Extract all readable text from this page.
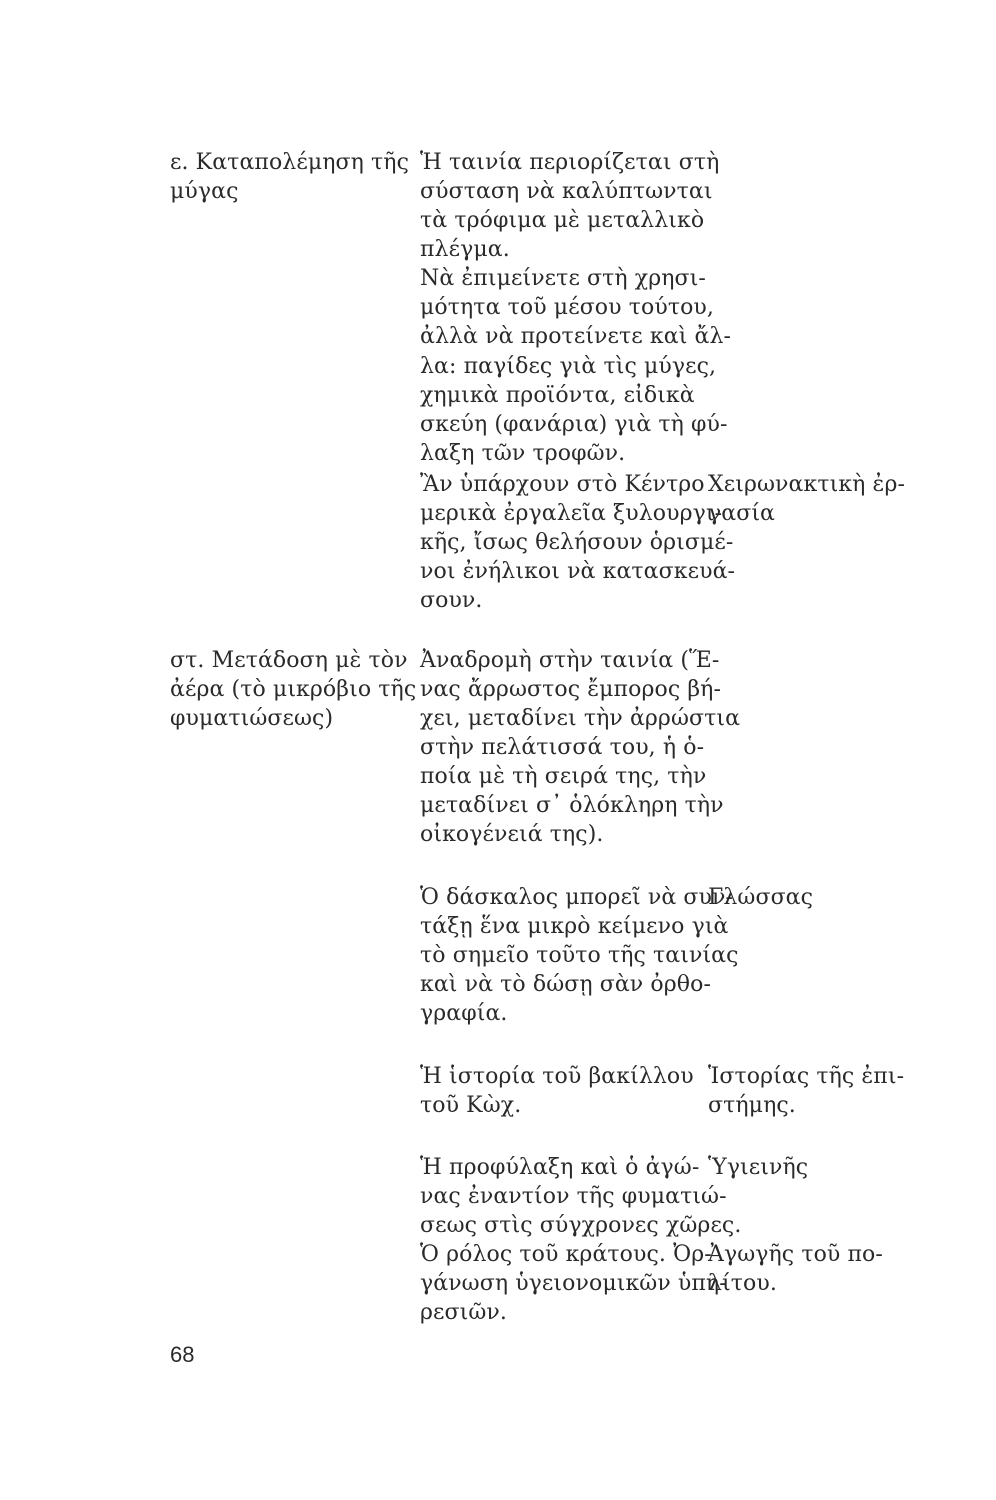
ε. Καταπολέμηση τῆς
μύγας
στ. Μετάδοση μὲ τὸν
ἀέρα (τὸ μικρόβιο τῆς
φυματιώσεως)
Ἡ ταινία περιορίζεται στὴ
σύσταση νὰ καλύπτωνται
τὰ τρόφιμα μὲ μεταλλικὸ
πλέγμα.
Νὰ ἐπιμείνετε στὴ χρησι-
μότητα τοῦ μέσου τούτου,
ἀλλὰ νὰ προτείνετε καὶ ἄλ-
λα: παγίδες γιὰ τὶς μύγες,
χημικὰ προϊόντα, εἰδικὰ
σκεύη (φανάρια) γιὰ τὴ φύ-
λαξη τῶν τροφῶν.
Ἂν ὑπάρχουν στὸ Κέντρο
μερικὰ ἐργαλεῖα ξυλουργι-
κῆς, ἴσως θελήσουν ὁρισμέ-
νοι ἐνήλικοι νὰ κατασκευά-
σουν.
Ἀναδρομὴ στὴν ταινία (Ἕ-
νας ἄρρωστος ἔμπορος βή-
χει, μεταδίνει τὴν ἀρρώστια
στὴν πελάτισσά του, ἡ ὁ-
ποία μὲ τὴ σειρά της, τὴν
μεταδίνει σ᾽ ὁλόκληρη τὴν
οἰκογένειά της).
Ὁ δάσκαλος μπορεῖ νὰ συν-
τάξῃ ἕνα μικρὸ κείμενο γιὰ
τὸ σημεῖο τοῦτο τῆς ταινίας
καὶ νὰ τὸ δώσῃ σὰν ὀρθο-
γραφία.
Ἡ ἱστορία τοῦ βακίλλου
τοῦ Κὼχ.
Ἡ προφύλαξη καὶ ὁ ἀγώ-
νας ἐναντίον τῆς φυματιώ-
σεως στὶς σύγχρονες χῶρες.
Ὁ ρόλος τοῦ κράτους. Ὀρ-
γάνωση ὑγειονομικῶν ὑπη-
ρεσιῶν.
Χειρωνακτικὴ ἐρ-
γασία
Γλώσσας
Ἱστορίας τῆς ἐπι-
στήμης.
Ὑγιεινῆς
Ἀγωγῆς τοῦ πο-
λίτου.
68
